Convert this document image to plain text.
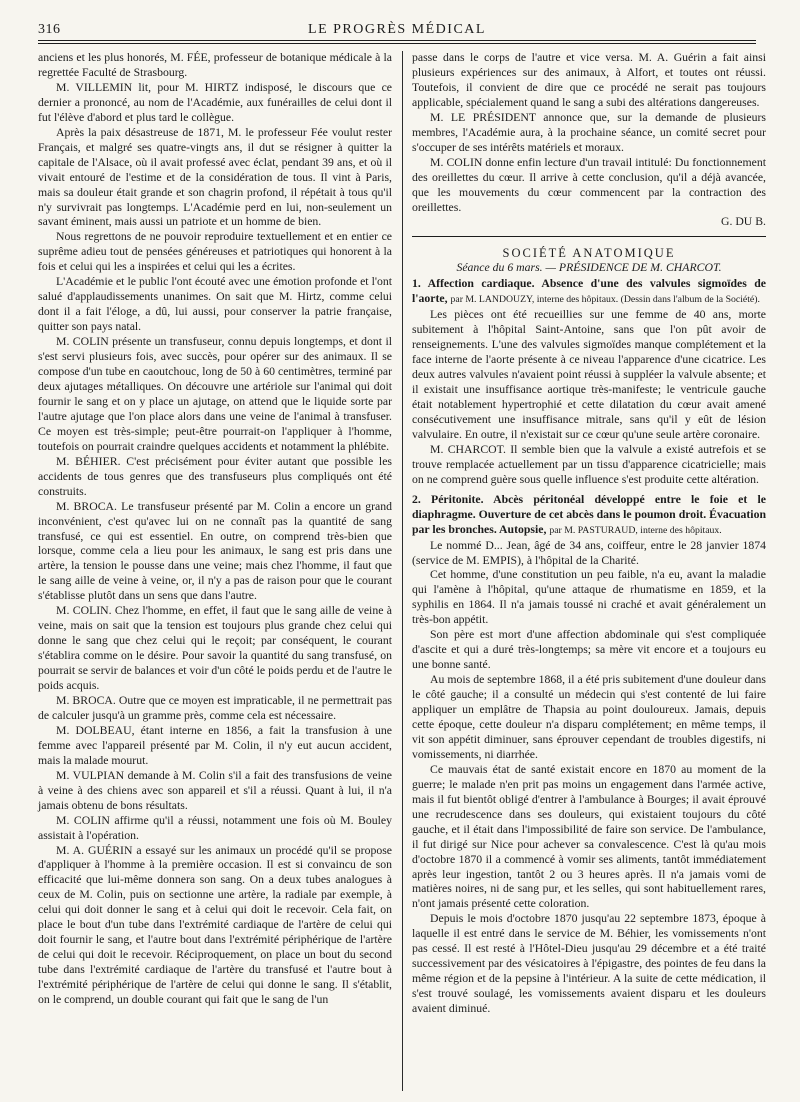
316	LE PROGRÈS MÉDICAL

anciens et les plus honorés, M. FÉE, professeur de botanique médicale à la regrettée Faculté de Strasbourg.

M. VILLEMIN lit, pour M. HIRTZ indisposé, le discours que ce dernier a prononcé, au nom de l'Académie, aux funérailles de celui dont il fut l'élève d'abord et plus tard le collègue.

Après la paix désastreuse de 1871, M. le professeur Fée voulut rester Français, et malgré ses quatre-vingts ans, il dut se résigner à quitter la capitale de l'Alsace, où il avait professé avec éclat, pendant 39 ans, et où il vivait entouré de l'estime et de la considération de tous. Il vint à Paris, mais sa douleur était grande et son chagrin profond, il répétait à tous qu'il n'y survivrait pas longtemps. L'Académie perd en lui, non-seulement un savant éminent, mais aussi un patriote et un homme de bien.

Nous regrettons de ne pouvoir reproduire textuellement et en entier ce suprême adieu tout de pensées généreuses et patriotiques qui honorent à la fois et celui qui les a inspirées et celui qui les a écrites.

L'Académie et le public l'ont écouté avec une émotion profonde et l'ont salué d'applaudissements unanimes. On sait que M. Hirtz, comme celui dont il a fait l'éloge, a dû, lui aussi, pour conserver la patrie française, quitter son pays natal.

M. COLIN présente un transfuseur, connu depuis longtemps, et dont il s'est servi plusieurs fois, avec succès, pour opérer sur des animaux. Il se compose d'un tube en caoutchouc, long de 50 à 60 centimètres, terminé par deux ajutages métalliques. On découvre une artériole sur l'animal qui doit fournir le sang et on y place un ajutage, on attend que le liquide sorte par l'autre ajutage que l'on place alors dans une veine de l'animal à transfuser. Ce moyen est très-simple; peut-être pourrait-on l'appliquer à l'homme, toutefois on pourrait craindre quelques accidents et notamment la phlébite.

M. BÉHIER. C'est précisément pour éviter autant que possible les accidents de tous genres que des transfuseurs plus compliqués ont été construits.

M. BROCA. Le transfuseur présenté par M. Colin a encore un grand inconvénient, c'est qu'avec lui on ne connaît pas la quantité de sang transfusé, ce qui est essentiel. En outre, on comprend très-bien que lorsque, comme cela a lieu pour les animaux, le sang est pris dans une artère, la tension le pousse dans une veine; mais chez l'homme, il faut que le sang aille de veine à veine, or, il n'y a pas de raison pour que le courant s'établisse plutôt dans un sens que dans l'autre.

M. COLIN. Chez l'homme, en effet, il faut que le sang aille de veine à veine, mais on sait que la tension est toujours plus grande chez celui qui donne le sang que chez celui qui le reçoit; par conséquent, le courant s'établira comme on le désire. Pour savoir la quantité du sang transfusé, on pourrait se servir de balances et voir d'un côté le poids perdu et de l'autre le poids acquis.

M. BROCA. Outre que ce moyen est impraticable, il ne permettrait pas de calculer jusqu'à un gramme près, comme cela est nécessaire.

M. DOLBEAU, étant interne en 1856, a fait la transfusion à une femme avec l'appareil présenté par M. Colin, il n'y eut aucun accident, mais la malade mourut.

M. VULPIAN demande à M. Colin s'il a fait des transfusions de veine à veine à des chiens avec son appareil et s'il a réussi. Quant à lui, il n'a jamais obtenu de bons résultats.

M. COLIN affirme qu'il a réussi, notamment une fois où M. Bouley assistait à l'opération.

M. A. GUÉRIN a essayé sur les animaux un procédé qu'il se propose d'appliquer à l'homme à la première occasion. Il est si convaincu de son efficacité que lui-même donnera son sang. On a deux tubes analogues à ceux de M. Colin, puis on sectionne une artère, la radiale par exemple, à celui qui doit donner le sang et à celui qui doit le recevoir. Cela fait, on place le bout d'un tube dans l'extrémité cardiaque de l'artère de celui qui doit fournir le sang, et l'autre bout dans l'extrémité périphérique de l'artère de celui qui doit le recevoir. Réciproquement, on place un bout du second tube dans l'extrémité cardiaque de l'artère du transfusé et l'autre bout à l'extrémité périphérique de l'artère de celui qui donne le sang. Il s'établit, on le comprend, un double courant qui fait que le sang de l'un

passe dans le corps de l'autre et vice versa. M. A. Guérin a fait ainsi plusieurs expériences sur des animaux, à Alfort, et toutes ont réussi. Toutefois, il convient de dire que ce procédé ne serait pas toujours applicable, spécialement quand le sang a subi des altérations dangereuses.

M. LE PRÉSIDENT annonce que, sur la demande de plusieurs membres, l'Académie aura, à la prochaine séance, un comité secret pour s'occuper de ses intérêts matériels et moraux.

M. COLIN donne enfin lecture d'un travail intitulé: Du fonctionnement des oreillettes du cœur. Il arrive à cette conclusion, qu'il a déjà avancée, que les mouvements du cœur commencent par la contraction des oreillettes.

G. DU B.

SOCIÉTÉ ANATOMIQUE

Séance du 6 mars. — PRÉSIDENCE DE M. CHARCOT.

1. Affection cardiaque. Absence d'une des valvules sigmoïdes de l'aorte, par M. LANDOUZY, interne des hôpitaux. (Dessin dans l'album de la Société).

Les pièces ont été recueillies sur une femme de 40 ans, morte subitement à l'hôpital Saint-Antoine, sans que l'on pût avoir de renseignements. L'une des valvules sigmoïdes manque complétement et la face interne de l'aorte présente à ce niveau l'apparence d'une cicatrice. Les deux autres valvules n'avaient point réussi à suppléer la valvule absente; et il existait une insuffisance aortique très-manifeste; le ventricule gauche était notablement hypertrophié et cette dilatation du cœur avait amené consécutivement une insuffisance mitrale, sans qu'il y eût de lésion valvulaire. En outre, il n'existait sur ce cœur qu'une seule artère coronaire.

M. CHARCOT. Il semble bien que la valvule a existé autrefois et se trouve remplacée actuellement par un tissu d'apparence cicatricielle; mais on ne comprend guère sous quelle influence s'est produite cette altération.

2. Péritonite. Abcès péritonéal développé entre le foie et le diaphragme. Ouverture de cet abcès dans le poumon droit. Évacuation par les bronches. Autopsie, par M. PASTURAUD, interne des hôpitaux.

Le nommé D... Jean, âgé de 34 ans, coiffeur, entre le 28 janvier 1874 (service de M. EMPIS), à l'hôpital de la Charité.

Cet homme, d'une constitution un peu faible, n'a eu, avant la maladie qui l'amène à l'hôpital, qu'une attaque de rhumatisme en 1859, et la syphilis en 1864. Il n'a jamais toussé ni craché et avait généralement un très-bon appétit.

Son père est mort d'une affection abdominale qui s'est compliquée d'ascite et qui a duré très-longtemps; sa mère vit encore et a toujours eu une bonne santé.

Au mois de septembre 1868, il a été pris subitement d'une douleur dans le côté gauche; il a consulté un médecin qui s'est contenté de lui faire appliquer un emplâtre de Thapsia au point douloureux. Jamais, depuis cette époque, cette douleur n'a disparu complétement; en même temps, il vit son appétit diminuer, sans éprouver cependant de troubles digestifs, ni vomissements, ni diarrhée.

Ce mauvais état de santé existait encore en 1870 au moment de la guerre; le malade n'en prit pas moins un engagement dans l'armée active, mais il fut bientôt obligé d'entrer à l'ambulance à Bourges; il avait éprouvé une recrudescence dans ses douleurs, qui existaient toujours du côté gauche, et il était dans l'impossibilité de faire son service. De l'ambulance, il fut dirigé sur Nice pour achever sa convalescence. C'est là qu'au mois d'octobre 1870 il a commencé à vomir ses aliments, tantôt immédiatement après leur ingestion, tantôt 2 ou 3 heures après. Il n'a jamais vomi de matières noires, ni de sang pur, et les selles, qui sont habituellement rares, n'ont jamais présenté cette coloration.

Depuis le mois d'octobre 1870 jusqu'au 22 septembre 1873, époque à laquelle il est entré dans le service de M. Béhier, les vomissements n'ont pas cessé. Il est resté à l'Hôtel-Dieu jusqu'au 29 décembre et a été traité successivement par des vésicatoires à l'épigastre, des pointes de feu dans la même région et de la pepsine à l'intérieur. A la suite de cette médication, il s'est trouvé soulagé, les vomissements avaient disparu et les douleurs avaient diminué.
